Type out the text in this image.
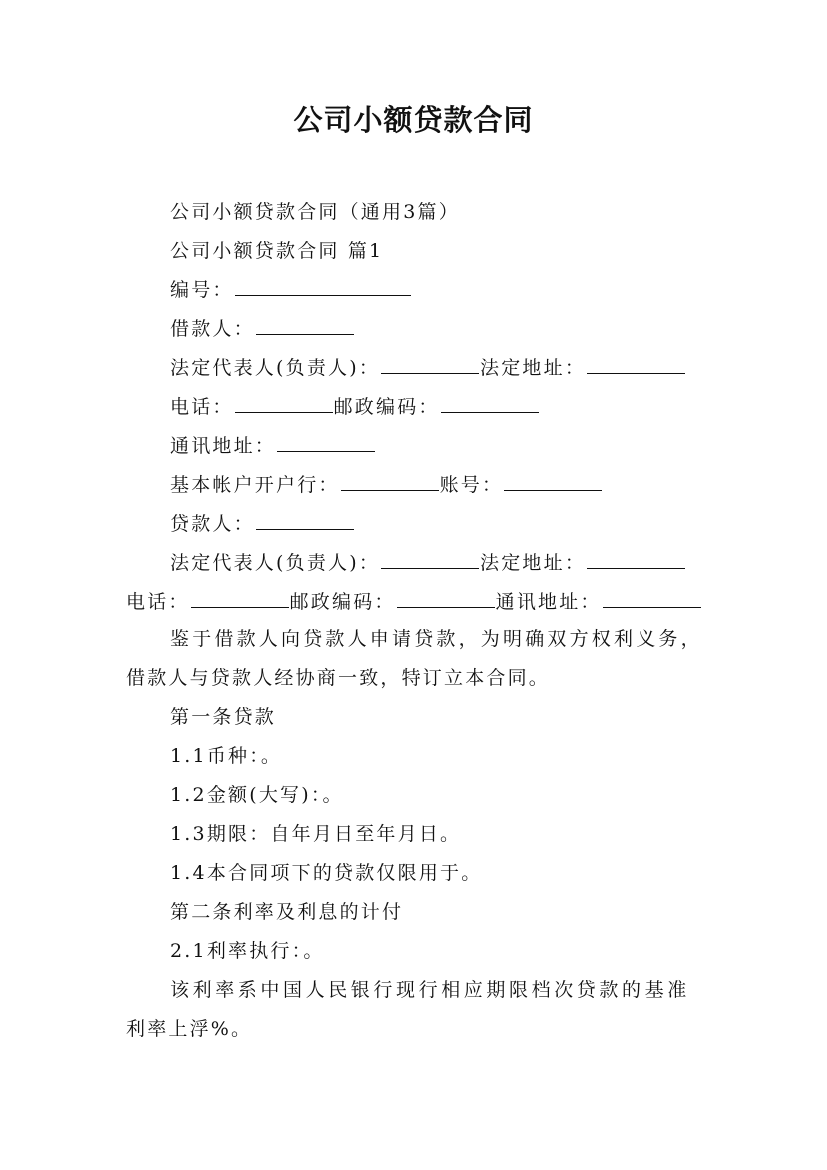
公司小额贷款合同
公司小额贷款合同（通用3篇）
公司小额贷款合同 篇1
编号：
借款人：
法定代表人(负责人)：	法定地址：
电话：	邮政编码：
通讯地址：
基本帐户开户行：	账号：
贷款人：
法定代表人(负责人)：	法定地址：
电话：	邮政编码：	通讯地址：
鉴于借款人向贷款人申请贷款，为明确双方权利义务，
借款人与贷款人经协商一致，特订立本合同。
第一条贷款
1.1币种：。
1.2金额(大写)：。
1.3期限：自年月日至年月日。
1.4本合同项下的贷款仅限用于。
第二条利率及利息的计付
2.1利率执行：。
该利率系中国人民银行现行相应期限档次贷款的基准
利率上浮%。
